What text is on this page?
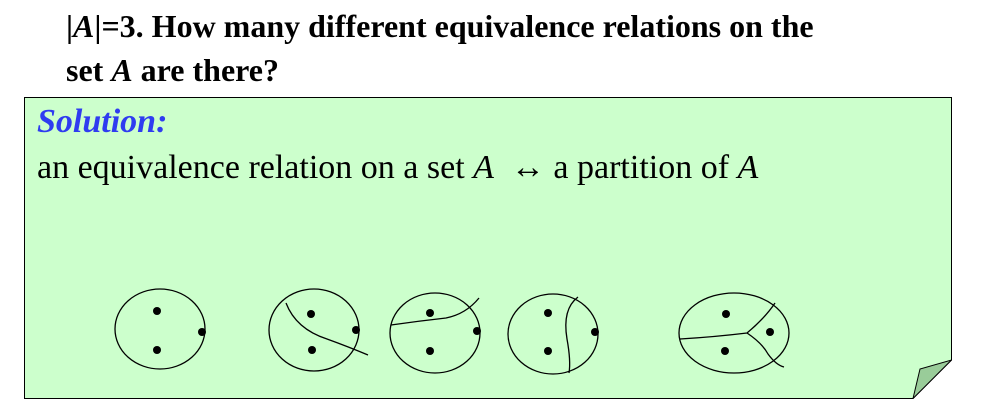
|A|=3. How many different equivalence relations on the
set A are there?
Solution:
an equivalence relation on a set A ↔ a partition of A
